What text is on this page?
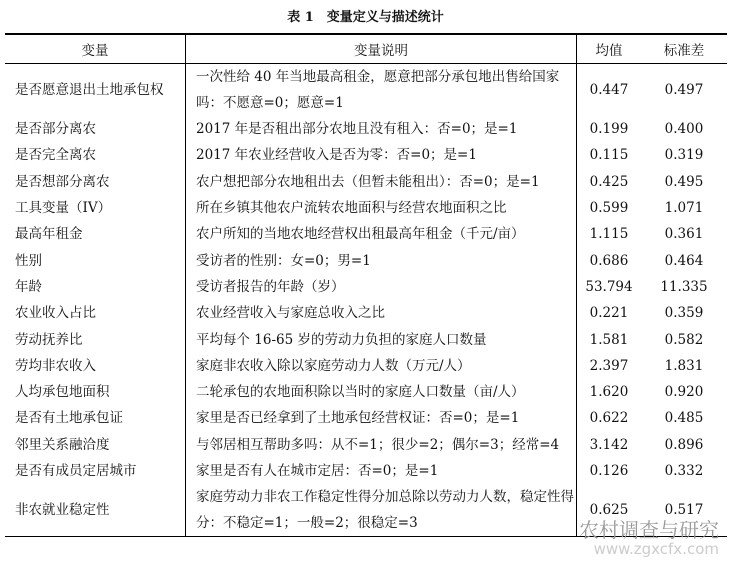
表 1　变量定义与描述统计
变量	变量说明	均值	标准差
是否愿意退出土地承包权	一次性给 40 年当地最高租金，愿意把部分承包地出售给国家吗：不愿意=0；愿意=1	0.447	0.497
是否部分离农	2017 年是否租出部分农地且没有租入：否=0；是=1	0.199	0.400
是否完全离农	2017 年农业经营收入是否为零：否=0；是=1	0.115	0.319
是否想部分离农	农户想把部分农地租出去（但暂未能租出）：否=0；是=1	0.425	0.495
工具变量（IV）	所在乡镇其他农户流转农地面积与经营农地面积之比	0.599	1.071
最高年租金	农户所知的当地农地经营权出租最高年租金（千元/亩）	1.115	0.361
性别	受访者的性别：女=0；男=1	0.686	0.464
年龄	受访者报告的年龄（岁）	53.794	11.335
农业收入占比	农业经营收入与家庭总收入之比	0.221	0.359
劳动抚养比	平均每个 16-65 岁的劳动力负担的家庭人口数量	1.581	0.582
劳均非农收入	家庭非农收入除以家庭劳动力人数（万元/人）	2.397	1.831
人均承包地面积	二轮承包的农地面积除以当时的家庭人口数量（亩/人）	1.620	0.920
是否有土地承包证	家里是否已经拿到了土地承包经营权证：否=0；是=1	0.622	0.485
邻里关系融洽度	与邻居相互帮助多吗：从不=1；很少=2；偶尔=3；经常=4	3.142	0.896
是否有成员定居城市	家里是否有人在城市定居：否=0；是=1	0.126	0.332
非农就业稳定性	家庭劳动力非农工作稳定性得分加总除以劳动力人数，稳定性得分：不稳定=1；一般=2；很稳定=3	0.625	0.517
农村调查与研究
www.zgxcfx.com
